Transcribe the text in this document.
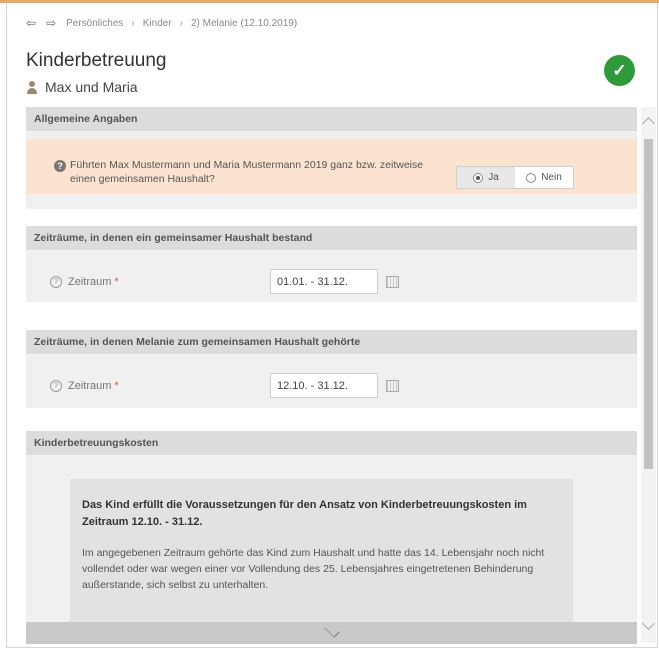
⇦ ⇨ Persönliches › Kinder › 2) Melanie (12.10.2019)
Kinderbetreuung
Max und Maria
✓
Allgemeine Angaben
? Führten Max Mustermann und Maria Mustermann 2019 ganz bzw. zeitweise einen gemeinsamen Haushalt?	Ja	Nein
Zeiträume, in denen ein gemeinsamer Haushalt bestand
? Zeitraum *
01.01. - 31.12.
Zeiträume, in denen Melanie zum gemeinsamen Haushalt gehörte
? Zeitraum *
12.10. - 31.12.
Kinderbetreuungskosten
Das Kind erfüllt die Voraussetzungen für den Ansatz von Kinderbetreuungskosten im Zeitraum 12.10. - 31.12.
Im angegebenen Zeitraum gehörte das Kind zum Haushalt und hatte das 14. Lebensjahr noch nicht vollendet oder war wegen einer vor Vollendung des 25. Lebensjahres eingetretenen Behinderung außerstande, sich selbst zu unterhalten.
